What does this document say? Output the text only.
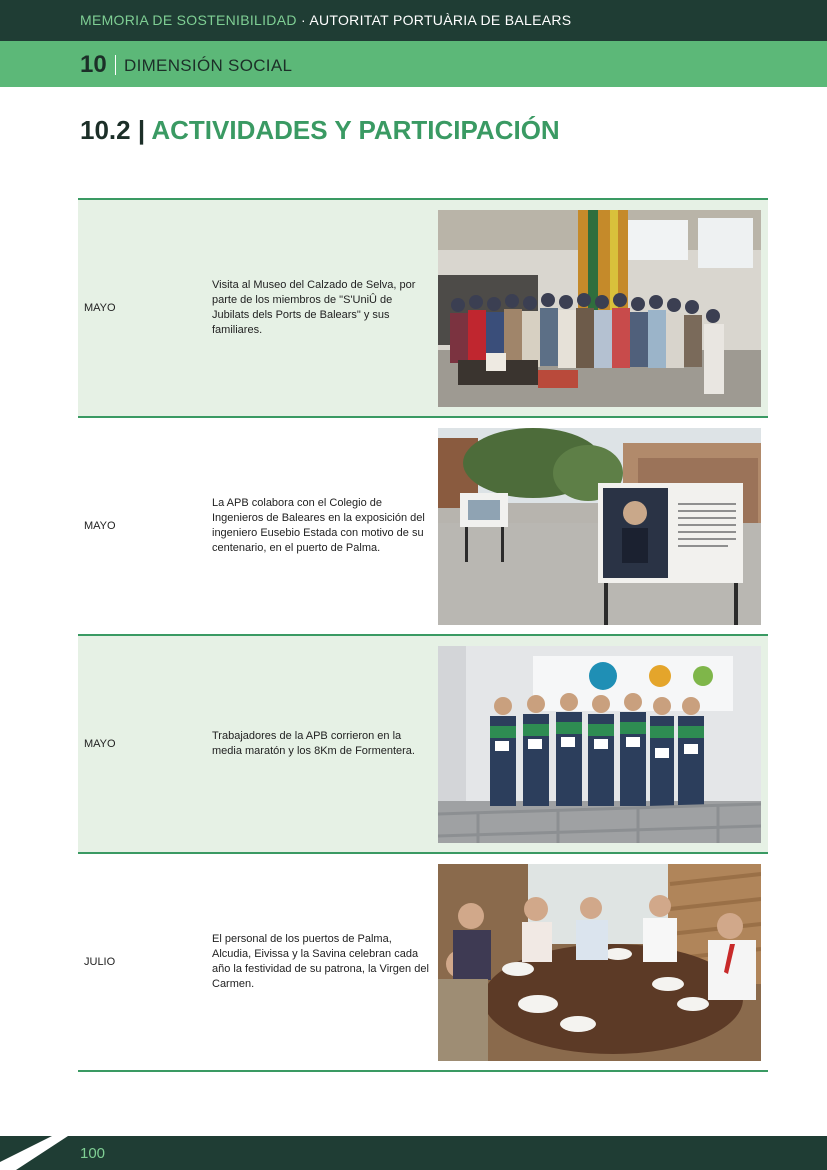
MEMORIA DE SOSTENIBILIDAD · AUTORITAT PORTUÀRIA DE BALEARS
10 DIMENSIÓN SOCIAL
10.2 | ACTIVIDADES Y PARTICIPACIÓN
MAYO
Visita al Museo del Calzado de Selva, por parte de los miembros de "S'UniÛ de Jubilats dels Ports de Balears" y sus familiares.
MAYO
La APB colabora con el Colegio de Ingenieros de Baleares en la exposición del ingeniero Eusebio Estada con motivo de su centenario, en el puerto de Palma.
MAYO
Trabajadores de la APB corrieron en la media maratón y los 8Km de Formentera.
JULIO
El personal de los puertos de Palma, Alcudia, Eivissa y la Savina celebran cada año la festividad de su patrona, la Virgen del Carmen.
100
